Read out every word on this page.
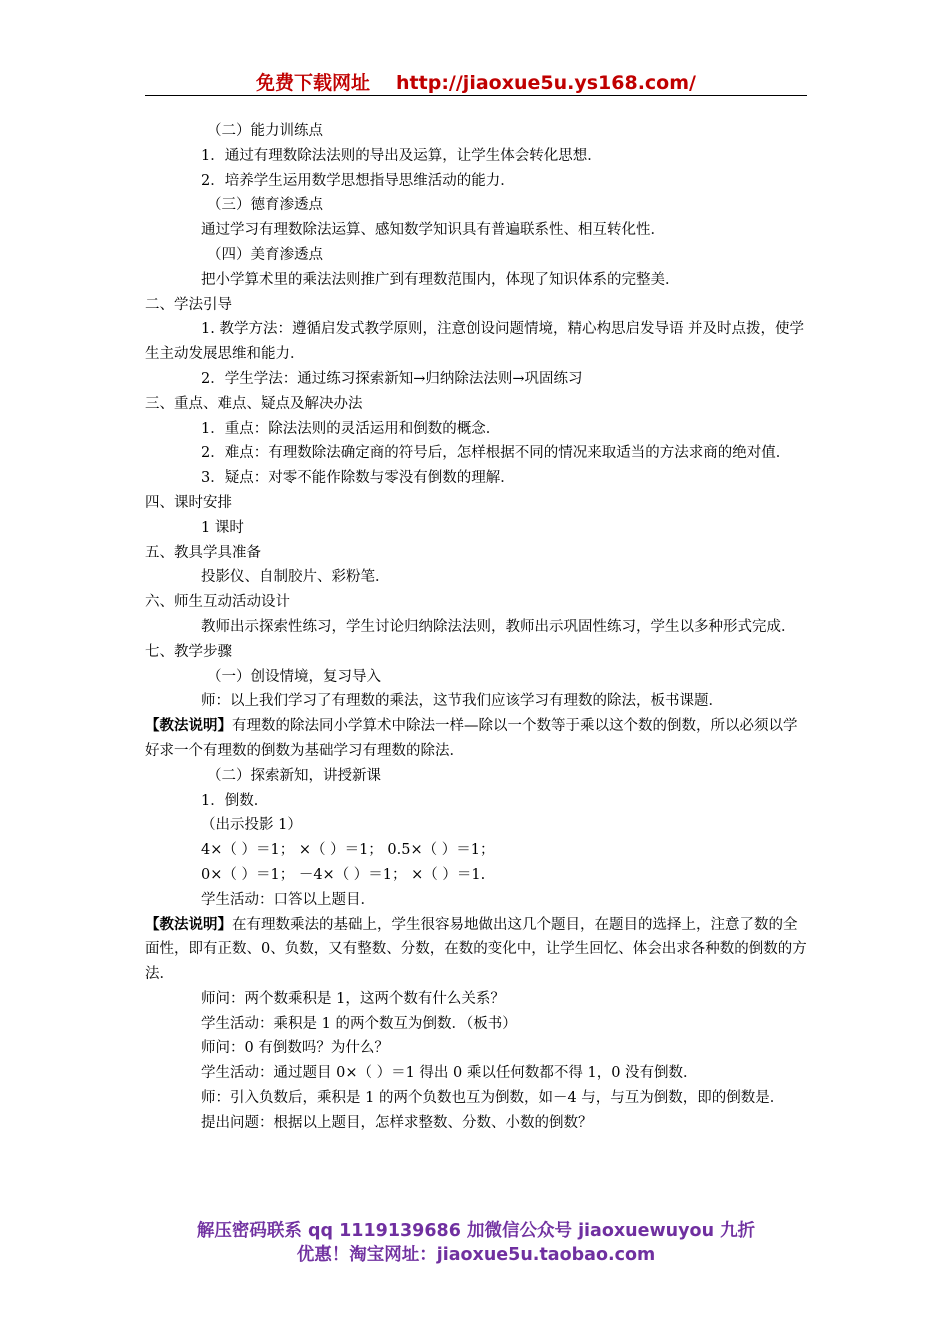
免费下载网址 http://jiaoxue5u.ys168.com/

（二）能力训练点

1．通过有理数除法法则的导出及运算，让学生体会转化思想．

2．培养学生运用数学思想指导思维活动的能力．

（三）德育渗透点

通过学习有理数除法运算、感知数学知识具有普遍联系性、相互转化性．

（四）美育渗透点

把小学算术里的乘法法则推广到有理数范围内，体现了知识体系的完整美．

二、学法引导

1. 教学方法：遵循启发式教学原则，注意创设问题情境，精心构思启发导语 并及时点拨，使学生主动发展思维和能力．

2．学生学法：通过练习探索新知→归纳除法法则→巩固练习

三、重点、难点、疑点及解决办法

1．重点：除法法则的灵活运用和倒数的概念．

2．难点：有理数除法确定商的符号后，怎样根据不同的情况来取适当的方法求商的绝对值．

3．疑点：对零不能作除数与零没有倒数的理解．

四、课时安排

1 课时

五、教具学具准备

投影仪、自制胶片、彩粉笔．

六、师生互动活动设计

教师出示探索性练习，学生讨论归纳除法法则，教师出示巩固性练习，学生以多种形式完成．

七、教学步骤

（一）创设情境，复习导入

师：以上我们学习了有理数的乘法，这节我们应该学习有理数的除法，板书课题．

【教法说明】有理数的除法同小学算术中除法一样—除以一个数等于乘以这个数的倒数，所以必须以学好求一个有理数的倒数为基础学习有理数的除法．

（二）探索新知，讲授新课

1．倒数．

（出示投影 1）

4×（ ）＝1； ×（ ）＝1； 0.5×（ ）＝1；

0×（ ）＝1； －4×（ ）＝1； ×（ ）＝1.

学生活动：口答以上题目．

【教法说明】在有理数乘法的基础上，学生很容易地做出这几个题目，在题目的选择上，注意了数的全面性，即有正数、0、负数，又有整数、分数，在数的变化中，让学生回忆、体会出求各种数的倒数的方法．

师问：两个数乘积是 1，这两个数有什么关系？

学生活动：乘积是 1 的两个数互为倒数．（板书）

师问：0 有倒数吗？为什么？

学生活动：通过题目 0×（ ）＝1 得出 0 乘以任何数都不得 1，0 没有倒数．

师：引入负数后，乘积是 1 的两个负数也互为倒数，如－4 与，与互为倒数，即的倒数是．

提出问题：根据以上题目，怎样求整数、分数、小数的倒数？

解压密码联系 qq 1119139686 加微信公众号 jiaoxuewuyou 九折
优惠！淘宝网址：jiaoxue5u.taobao.com
